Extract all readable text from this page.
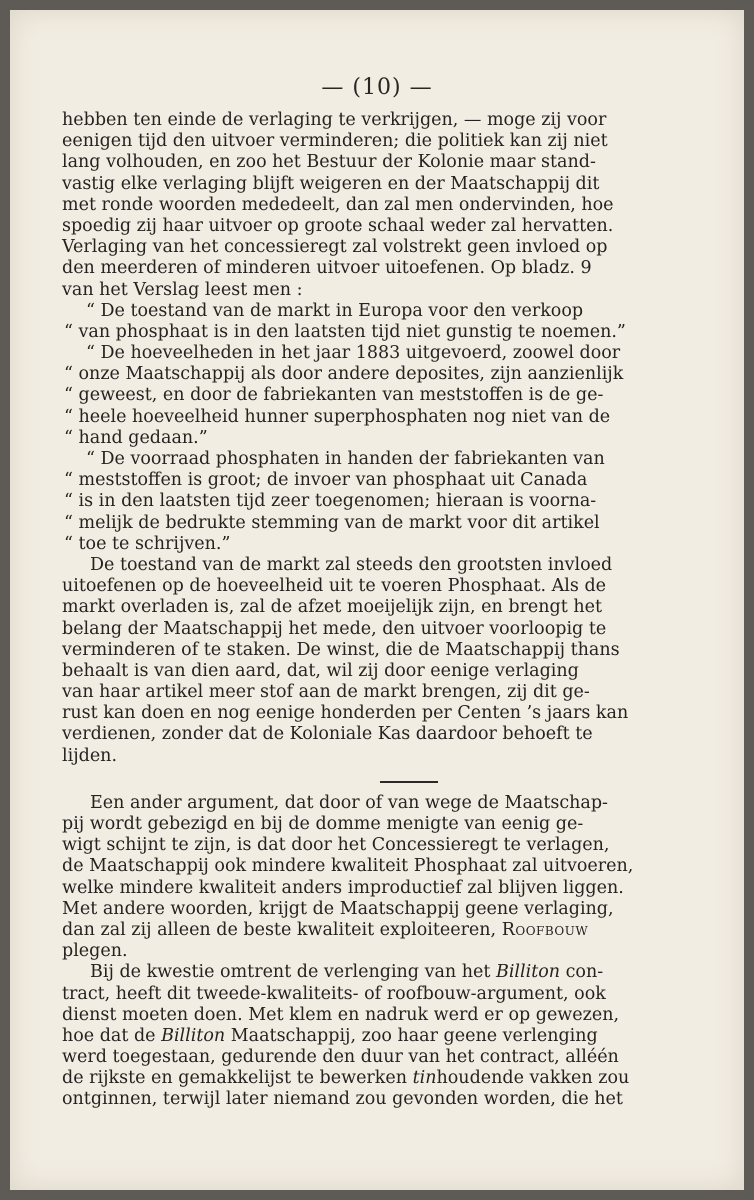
— (10) —
hebben ten einde de verlaging te verkrijgen, — moge zij voor
eenigen tijd den uitvoer verminderen; die politiek kan zij niet
lang volhouden, en zoo het Bestuur der Kolonie maar stand-
vastig elke verlaging blijft weigeren en der Maatschappij dit
met ronde woorden mededeelt, dan zal men ondervinden, hoe
spoedig zij haar uitvoer op groote schaal weder zal hervatten.
Verlaging van het concessieregt zal volstrekt geen invloed op
den meerderen of minderen uitvoer uitoefenen. Op bladz. 9
van het Verslag leest men :
“ De toestand van de markt in Europa voor den verkoop
“ van phosphaat is in den laatsten tijd niet gunstig te noemen.”
“ De hoeveelheden in het jaar 1883 uitgevoerd, zoowel door
“ onze Maatschappij als door andere deposites, zijn aanzienlijk
“ geweest, en door de fabriekanten van meststoffen is de ge-
“ heele hoeveelheid hunner superphosphaten nog niet van de
“ hand gedaan.”
“ De voorraad phosphaten in handen der fabriekanten van
“ meststoffen is groot; de invoer van phosphaat uit Canada
“ is in den laatsten tijd zeer toegenomen; hieraan is voorna-
“ melijk de bedrukte stemming van de markt voor dit artikel
“ toe te schrijven.”
De toestand van de markt zal steeds den grootsten invloed
uitoefenen op de hoeveelheid uit te voeren Phosphaat. Als de
markt overladen is, zal de afzet moeijelijk zijn, en brengt het
belang der Maatschappij het mede, den uitvoer voorloopig te
verminderen of te staken. De winst, die de Maatschappij thans
behaalt is van dien aard, dat, wil zij door eenige verlaging
van haar artikel meer stof aan de markt brengen, zij dit ge-
rust kan doen en nog eenige honderden per Centen ’s jaars kan
verdienen, zonder dat de Koloniale Kas daardoor behoeft te
lijden.
Een ander argument, dat door of van wege de Maatschap-
pij wordt gebezigd en bij de domme menigte van eenig ge-
wigt schijnt te zijn, is dat door het Concessieregt te verlagen,
de Maatschappij ook mindere kwaliteit Phosphaat zal uitvoeren,
welke mindere kwaliteit anders improductief zal blijven liggen.
Met andere woorden, krijgt de Maatschappij geene verlaging,
dan zal zij alleen de beste kwaliteit exploiteeren, Roofbouw
plegen.
Bij de kwestie omtrent de verlenging van het Billiton con-
tract, heeft dit tweede-kwaliteits- of roofbouw-argument, ook
dienst moeten doen. Met klem en nadruk werd er op gewezen,
hoe dat de Billiton Maatschappij, zoo haar geene verlenging
werd toegestaan, gedurende den duur van het contract, alléén
de rijkste en gemakkelijst te bewerken tinhoudende vakken zou
ontginnen, terwijl later niemand zou gevonden worden, die het
